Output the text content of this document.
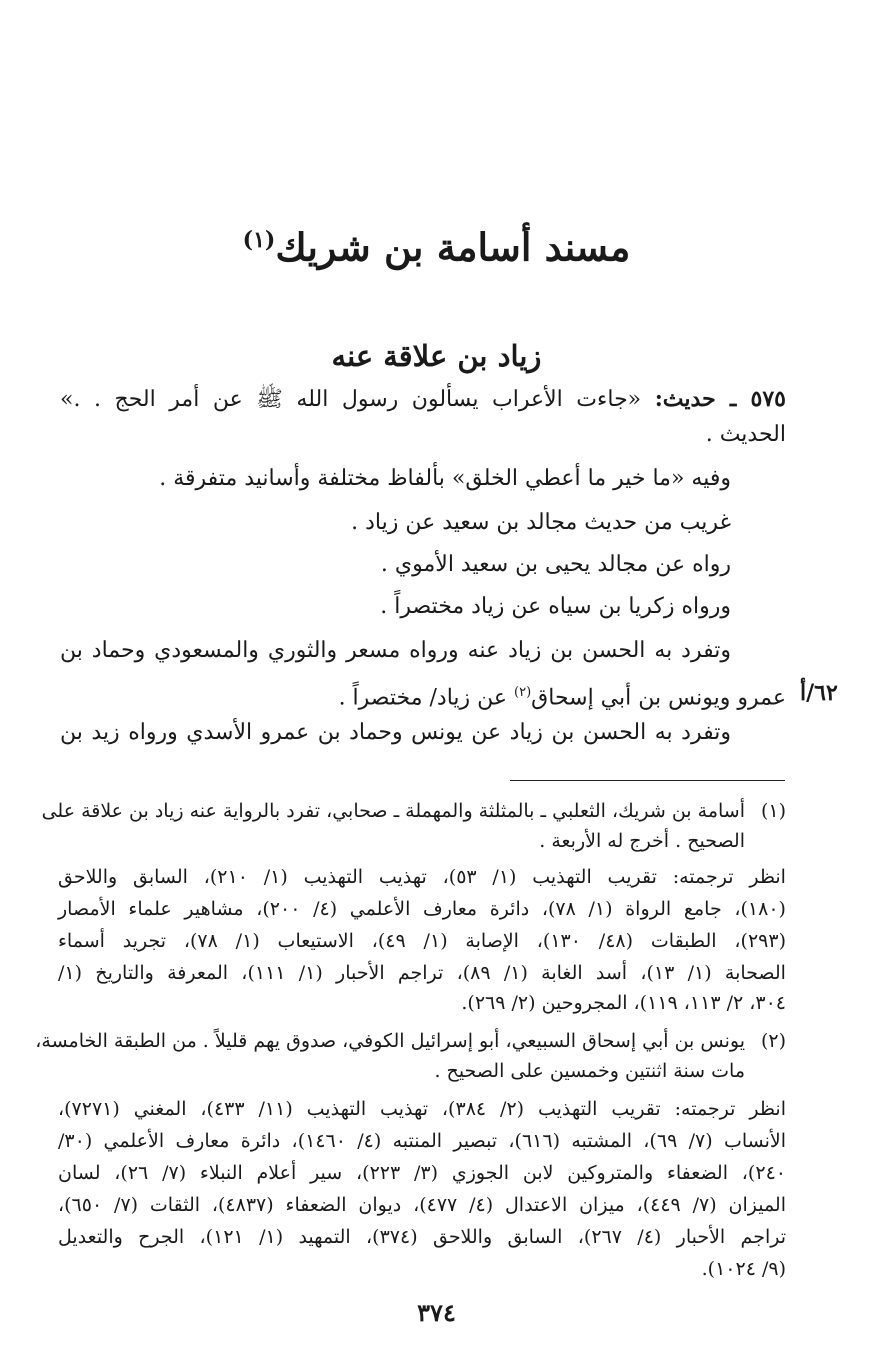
مسند أسامة بن شريك$^{(١)}$
زياد بن علاقة عنه
٥٧٥ ـ حديث: «جاءت الأعراب يسألون رسول الله ﷺ عن أمر الحج . .»
الحديث .
وفيه «ما خير ما أعطي الخلق» بألفاظ مختلفة وأسانيد متفرقة .
غريب من حديث مجالد بن سعيد عن زياد .
رواه عن مجالد يحيى بن سعيد الأموي .
ورواه زكريا بن سياه عن زياد مختصراً .
وتفرد به الحسن بن زياد عنه ورواه مسعر والثوري والمسعودي وحماد بن
عمرو ويونس بن أبي إسحاق$^{(٢)}$ عن زياد/ مختصراً .
وتفرد به الحسن بن زياد عن يونس وحماد بن عمرو الأسدي ورواه زيد بن
٦٢/أ
(١)
أسامة بن شريك، الثعلبي ـ بالمثلثة والمهملة ـ صحابي، تفرد بالرواية عنه زياد بن علاقة على
الصحيح . أخرج له الأربعة .
انظر ترجمته: تقريب التهذيب (١/ ٥٣)، تهذيب التهذيب (١/ ٢١٠)، السابق واللاحق
(١٨٠)، جامع الرواة (١/ ٧٨)، دائرة معارف الأعلمي (٤/ ٢٠٠)، مشاهير علماء الأمصار
(٢٩٣)، الطبقات (٤٨/ ١٣٠)، الإصابة (١/ ٤٩)، الاستيعاب (١/ ٧٨)، تجريد أسماء
الصحابة (١/ ١٣)، أسد الغابة (١/ ٨٩)، تراجم الأحبار (١/ ١١١)، المعرفة والتاريخ (١/
٣٠٤، ٢/ ١١٣، ١١٩)، المجروحين (٢/ ٢٦٩).
(٢)
يونس بن أبي إسحاق السبيعي، أبو إسرائيل الكوفي، صدوق يهم قليلاً . من الطبقة الخامسة،
مات سنة اثنتين وخمسين على الصحيح .
انظر ترجمته: تقريب التهذيب (٢/ ٣٨٤)، تهذيب التهذيب (١١/ ٤٣٣)، المغني (٧٢٧١)،
الأنساب (٧/ ٦٩)، المشتبه (٦١٦)، تبصير المنتبه (٤/ ١٤٦٠)، دائرة معارف الأعلمي (٣٠/
٢٤٠)، الضعفاء والمتروكين لابن الجوزي (٣/ ٢٢٣)، سير أعلام النبلاء (٧/ ٢٦)، لسان
الميزان (٧/ ٤٤٩)، ميزان الاعتدال (٤/ ٤٧٧)، ديوان الضعفاء (٤٨٣٧)، الثقات (٧/ ٦٥٠)،
تراجم الأحبار (٤/ ٢٦٧)، السابق واللاحق (٣٧٤)، التمهيد (١/ ١٢١)، الجرح والتعديل
(٩/ ١٠٢٤).
٣٧٤
